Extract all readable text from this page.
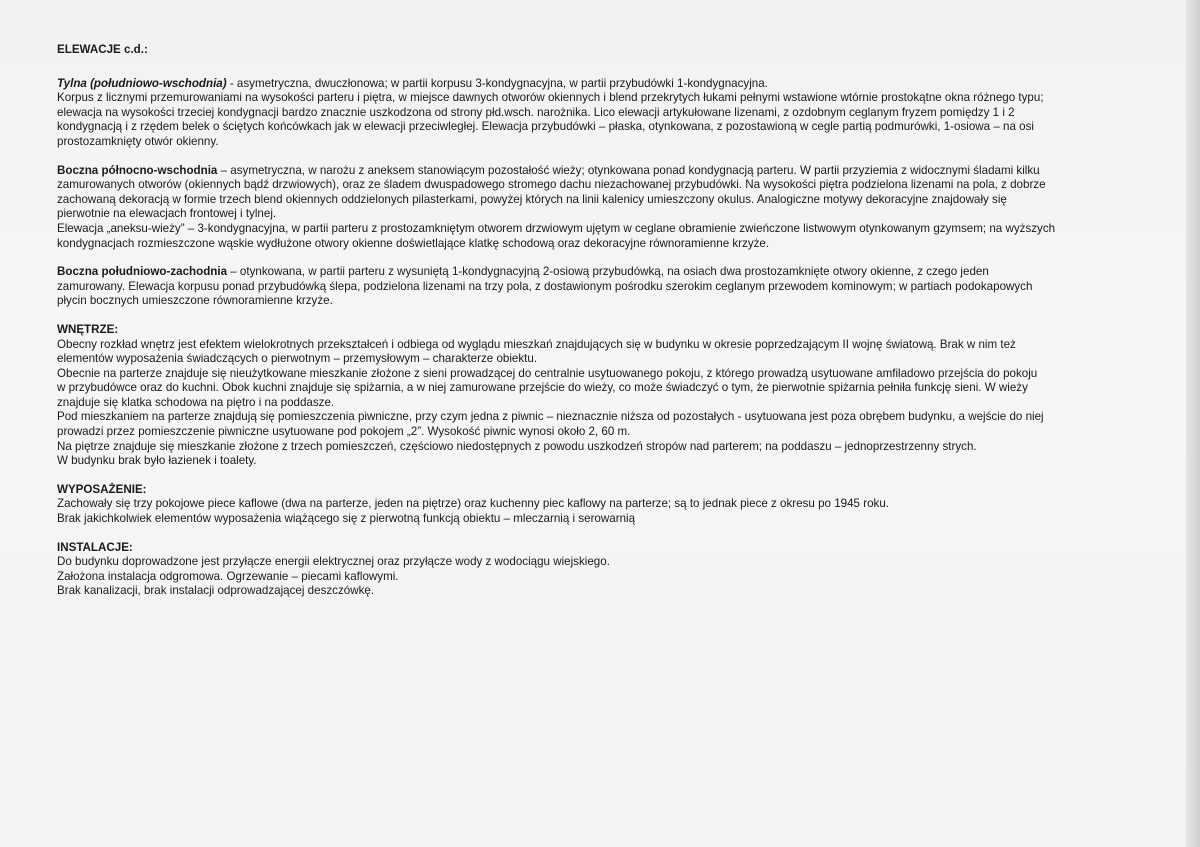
ELEWACJE c.d.:

Tylna (południowo-wschodnia) - asymetryczna, dwuczłonowa; w partii korpusu 3-kondygnacyjna, w partii przybudówki 1-kondygnacyjna.

Korpus z licznymi przemurowaniami na wysokości parteru i piętra, w miejsce dawnych otworów okiennych i blend przekrytych łukami pełnymi wstawione wtórnie prostokątne okna różnego typu;

elewacja na wysokości trzeciej kondygnacji bardzo znacznie uszkodzona od strony płd.wsch. narożnika. Lico elewacji artykułowane lizenami, z ozdobnym ceglanym fryzem pomiędzy 1 i 2

kondygnacją i z rzędem belek o ściętych końcówkach jak w elewacji przeciwległej. Elewacja przybudówki – płaska, otynkowana, z pozostawioną w cegle partią podmurówki, 1-osiowa – na osi

prostozamknięty otwór okienny.

Boczna północno-wschodnia – asymetryczna, w narożu z aneksem stanowiącym pozostałość wieży; otynkowana ponad kondygnacją parteru. W partii przyziemia z widocznymi śladami kilku

zamurowanych otworów (okiennych bądź drzwiowych), oraz ze śladem dwuspadowego stromego dachu niezachowanej przybudówki. Na wysokości piętra podzielona lizenami na pola, z dobrze

zachowaną dekoracją w formie trzech blend okiennych oddzielonych pilasterkami, powyżej których na linii kalenicy umieszczony okulus. Analogiczne motywy dekoracyjne znajdowały się

pierwotnie na elewacjach frontowej i tylnej.

Elewacja „aneksu-wieży” – 3-kondygnacyjna, w partii parteru z prostozamkniętym otworem drzwiowym ujętym w ceglane obramienie zwieńczone listwowym otynkowanym gzymsem; na wyższych

kondygnacjach rozmieszczone wąskie wydłużone otwory okienne doświetlające klatkę schodową oraz dekoracyjne równoramienne krzyże.

Boczna południowo-zachodnia – otynkowana, w partii parteru z wysuniętą 1-kondygnacyjną 2-osiową przybudówką, na osiach dwa prostozamknięte otwory okienne, z czego jeden

zamurowany. Elewacja korpusu ponad przybudówką ślepa, podzielona lizenami na trzy pola, z dostawionym pośrodku szerokim ceglanym przewodem kominowym; w partiach podokapowych

płycin bocznych umieszczone równoramienne krzyże.

WNĘTRZE:

Obecny rozkład wnętrz jest efektem wielokrotnych przekształceń i odbiega od wyglądu mieszkań znajdujących się w budynku w okresie poprzedzającym II wojnę światową. Brak w nim też

elementów wyposażenia świadczących o pierwotnym – przemysłowym – charakterze obiektu.

Obecnie na parterze znajduje się nieużytkowane mieszkanie złożone z sieni prowadzącej do centralnie usytuowanego pokoju, z którego prowadzą usytuowane amfiladowo przejścia do pokoju

w przybudówce oraz do kuchni. Obok kuchni znajduje się spiżarnia, a w niej zamurowane przejście do wieży, co może świadczyć o tym, że pierwotnie spiżarnia pełniła funkcję sieni. W wieży

znajduje się klatka schodowa na piętro i na poddasze.

Pod mieszkaniem na parterze znajdują się pomieszczenia piwniczne, przy czym jedna z piwnic – nieznacznie niższa od pozostałych - usytuowana jest poza obrębem budynku, a wejście do niej

prowadzi przez pomieszczenie piwniczne usytuowane pod pokojem „2”. Wysokość piwnic wynosi około 2, 60 m.

Na piętrze znajduje się mieszkanie złożone z trzech pomieszczeń, częściowo niedostępnych z powodu uszkodzeń stropów nad parterem; na poddaszu – jednoprzestrzenny strych.

W budynku brak było łazienek i toalety.

WYPOSAŻENIE:

Zachowały się trzy pokojowe piece kaflowe (dwa na parterze, jeden na piętrze) oraz kuchenny piec kaflowy na parterze; są to jednak piece z okresu po 1945 roku.

Brak jakichkolwiek elementów wyposażenia wiążącego się z pierwotną funkcją obiektu – mleczarnią i serowarnią

INSTALACJE:

Do budynku doprowadzone jest przyłącze energii elektrycznej oraz przyłącze wody z wodociągu wiejskiego.

Założona instalacja odgromowa. Ogrzewanie – piecami kaflowymi.

Brak kanalizacji, brak instalacji odprowadzającej deszczówkę.
